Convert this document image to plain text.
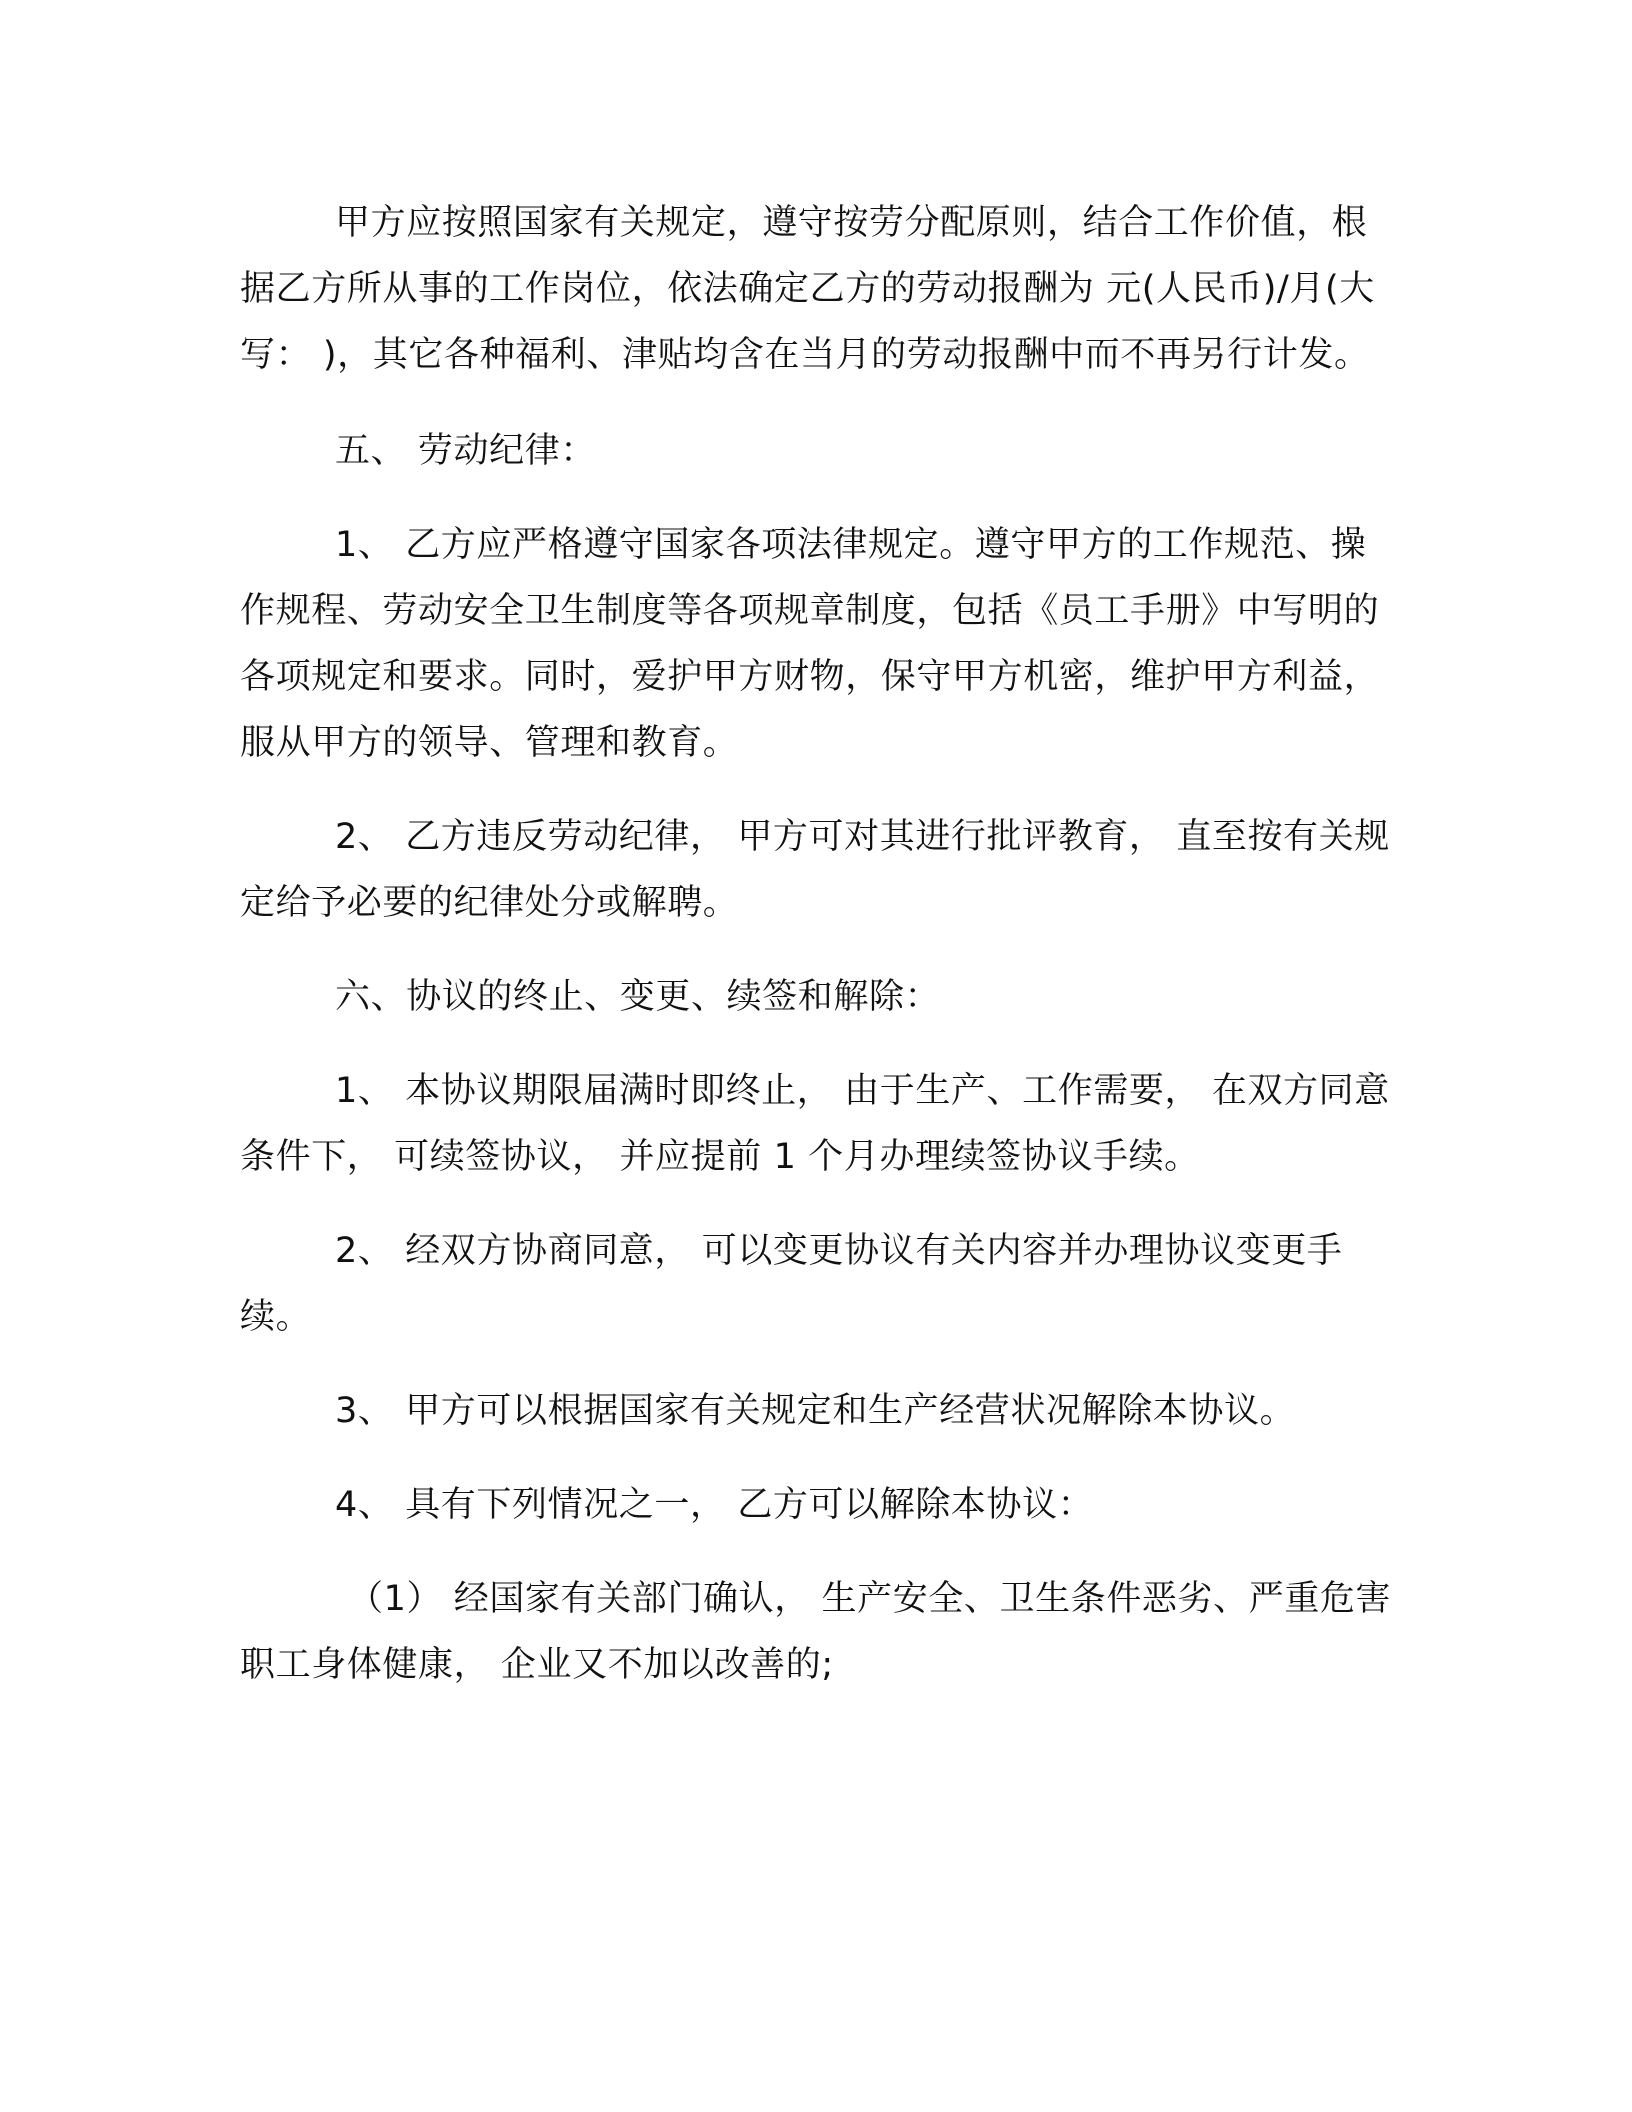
甲方应按照国家有关规定，遵守按劳分配原则，结合工作价值，根据乙方所从事的工作岗位，依法确定乙方的劳动报酬为 元(人民币)/月(大写： )，其它各种福利、津贴均含在当月的劳动报酬中而不再另行计发。

五、 劳动纪律：

1、 乙方应严格遵守国家各项法律规定。遵守甲方的工作规范、操作规程、劳动安全卫生制度等各项规章制度，包括《员工手册》中写明的各项规定和要求。同时，爱护甲方财物，保守甲方机密，维护甲方利益， 服从甲方的领导、管理和教育。

2、 乙方违反劳动纪律， 甲方可对其进行批评教育， 直至按有关规定给予必要的纪律处分或解聘。

六、协议的终止、变更、续签和解除：

1、 本协议期限届满时即终止， 由于生产、工作需要， 在双方同意条件下， 可续签协议， 并应提前 1 个月办理续签协议手续。

2、 经双方协商同意， 可以变更协议有关内容并办理协议变更手续。

3、 甲方可以根据国家有关规定和生产经营状况解除本协议。

4、 具有下列情况之一， 乙方可以解除本协议：

（1） 经国家有关部门确认， 生产安全、卫生条件恶劣、严重危害职工身体健康， 企业又不加以改善的;
